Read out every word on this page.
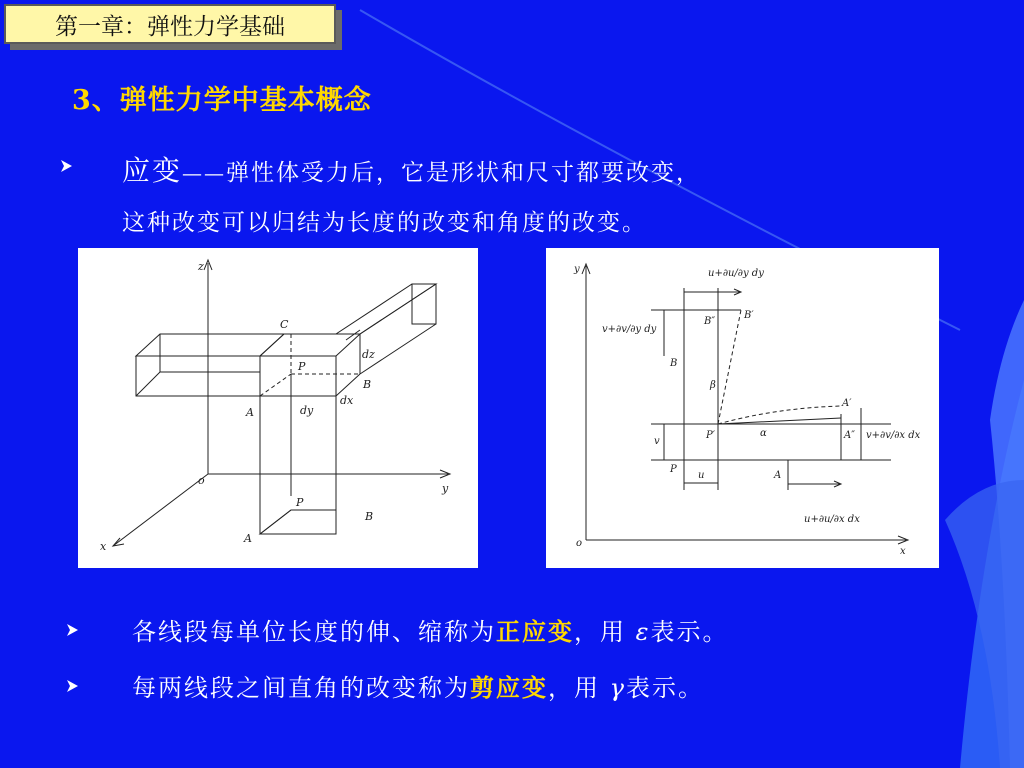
第一章：弹性力学基础
3、弹性力学中基本概念
应变——弹性体受力后，它是形状和尺寸都要改变，
这种改变可以归结为长度的改变和角度的改变。
z
y
x
o
C
P
B
A
dz
dx
dy
P
B
A
y
x
o
u+∂u/∂y dy
v+∂v/∂y dy
v+∂v/∂x dx
u+∂u/∂x dx
B″
B′
B
β
A′
P′	A″
α
v
P
u	A
各线段每单位长度的伸、缩称为正应变，用 ε表示。
每两线段之间直角的改变称为剪应变，用 γ表示。
